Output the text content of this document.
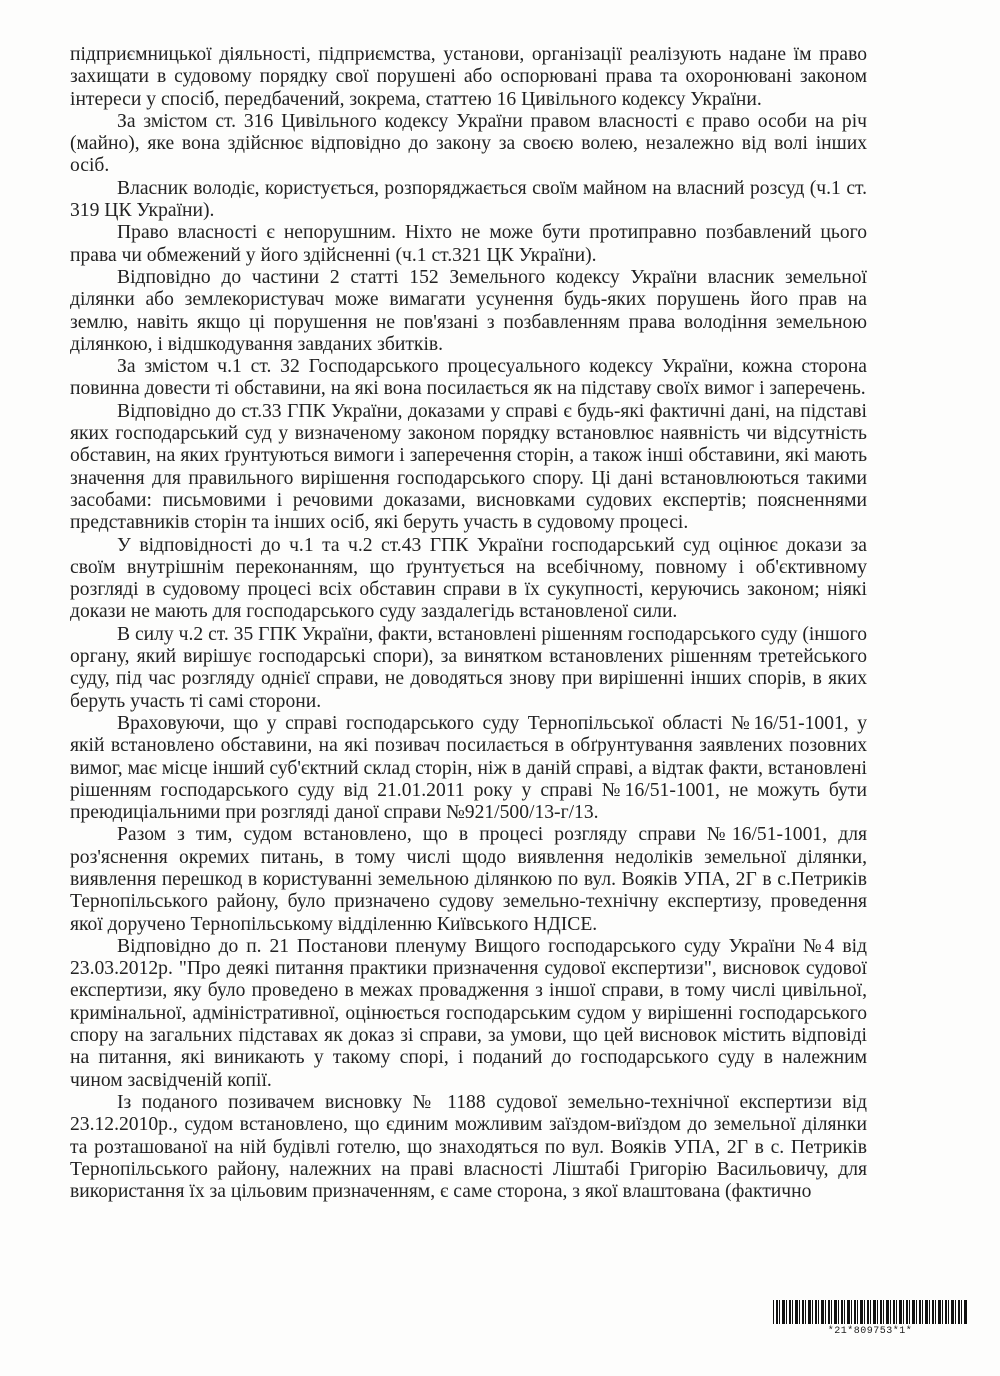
підприємницької діяльності, підприємства, установи, організації реалізують надане їм право захищати в судовому порядку свої порушені або оспорювані права та охоронювані законом інтереси у спосіб, передбачений, зокрема, статтею 16 Цивільного кодексу України.

За змістом ст. 316 Цивільного кодексу України правом власності є право особи на річ (майно), яке вона здійснює відповідно до закону за своєю волею, незалежно від волі інших осіб.

Власник володіє, користується, розпоряджається своїм майном на власний розсуд (ч.1 ст. 319 ЦК України).

Право власності є непорушним. Ніхто не може бути протиправно позбавлений цього права чи обмежений у його здійсненні (ч.1 ст.321 ЦК України).

Відповідно до частини 2 статті 152 Земельного кодексу України власник земельної ділянки або землекористувач може вимагати усунення будь-яких порушень його прав на землю, навіть якщо ці порушення не пов'язані з позбавленням права володіння земельною ділянкою, і відшкодування завданих збитків.

За змістом ч.1 ст. 32 Господарського процесуального кодексу України, кожна сторона повинна довести ті обставини, на які вона посилається як на підставу своїх вимог і заперечень.

Відповідно до ст.33 ГПК України, доказами у справі є будь-які фактичні дані, на підставі яких господарський суд у визначеному законом порядку встановлює наявність чи відсутність обставин, на яких ґрунтуються вимоги і заперечення сторін, а також інші обставини, які мають значення для правильного вирішення господарського спору. Ці дані встановлюються такими засобами: письмовими і речовими доказами, висновками судових експертів; поясненнями представників сторін та інших осіб, які беруть участь в судовому процесі.

У відповідності до ч.1 та ч.2 ст.43 ГПК України господарський суд оцінює докази за своїм внутрішнім переконанням, що ґрунтується на всебічному, повному і об'єктивному розгляді в судовому процесі всіх обставин справи в їх сукупності, керуючись законом; ніякі докази не мають для господарського суду заздалегідь встановленої сили.

В силу ч.2 ст. 35 ГПК України, факти, встановлені рішенням господарського суду (іншого органу, який вирішує господарські спори), за винятком встановлених рішенням третейського суду, під час розгляду однієї справи, не доводяться знову при вирішенні інших спорів, в яких беруть участь ті самі сторони.

Враховуючи, що у справі господарського суду Тернопільської області №16/51-1001, у якій встановлено обставини, на які позивач посилається в обґрунтування заявлених позовних вимог, має місце інший суб'єктний склад сторін, ніж в даній справі, а відтак факти, встановлені рішенням господарського суду від 21.01.2011 року у справі №16/51-1001, не можуть бути преюдиціальними при розгляді даної справи №921/500/13-г/13.

Разом з тим, судом встановлено, що в процесі розгляду справи №16/51-1001, для роз'яснення окремих питань, в тому числі щодо виявлення недоліків земельної ділянки, виявлення перешкод в користуванні земельною ділянкою по вул. Вояків УПА, 2Г в с.Петриків Тернопільського району, було призначено судову земельно-технічну експертизу, проведення якої доручено Тернопільському відділенню Київського НДІСЕ.

Відповідно до п. 21 Постанови пленуму Вищого господарського суду України №4 від 23.03.2012р. "Про деякі питання практики призначення судової експертизи", висновок судової експертизи, яку було проведено в межах провадження з іншої справи, в тому числі цивільної, кримінальної, адміністративної, оцінюється господарським судом у вирішенні господарського спору на загальних підставах як доказ зі справи, за умови, що цей висновок містить відповіді на питання, які виникають у такому спорі, і поданий до господарського суду в належним чином засвідченій копії.

Із поданого позивачем висновку № 1188 судової земельно-технічної експертизи від 23.12.2010р., судом встановлено, що єдиним можливим заїздом-виїздом до земельної ділянки та розташованої на ній будівлі готелю, що знаходяться по вул. Вояків УПА, 2Г в с. Петриків Тернопільського району, належних на праві власності Ліштабі Григорію Васильовичу, для використання їх за цільовим призначенням, є саме сторона, з якої влаштована (фактично

*21*809753*1*
